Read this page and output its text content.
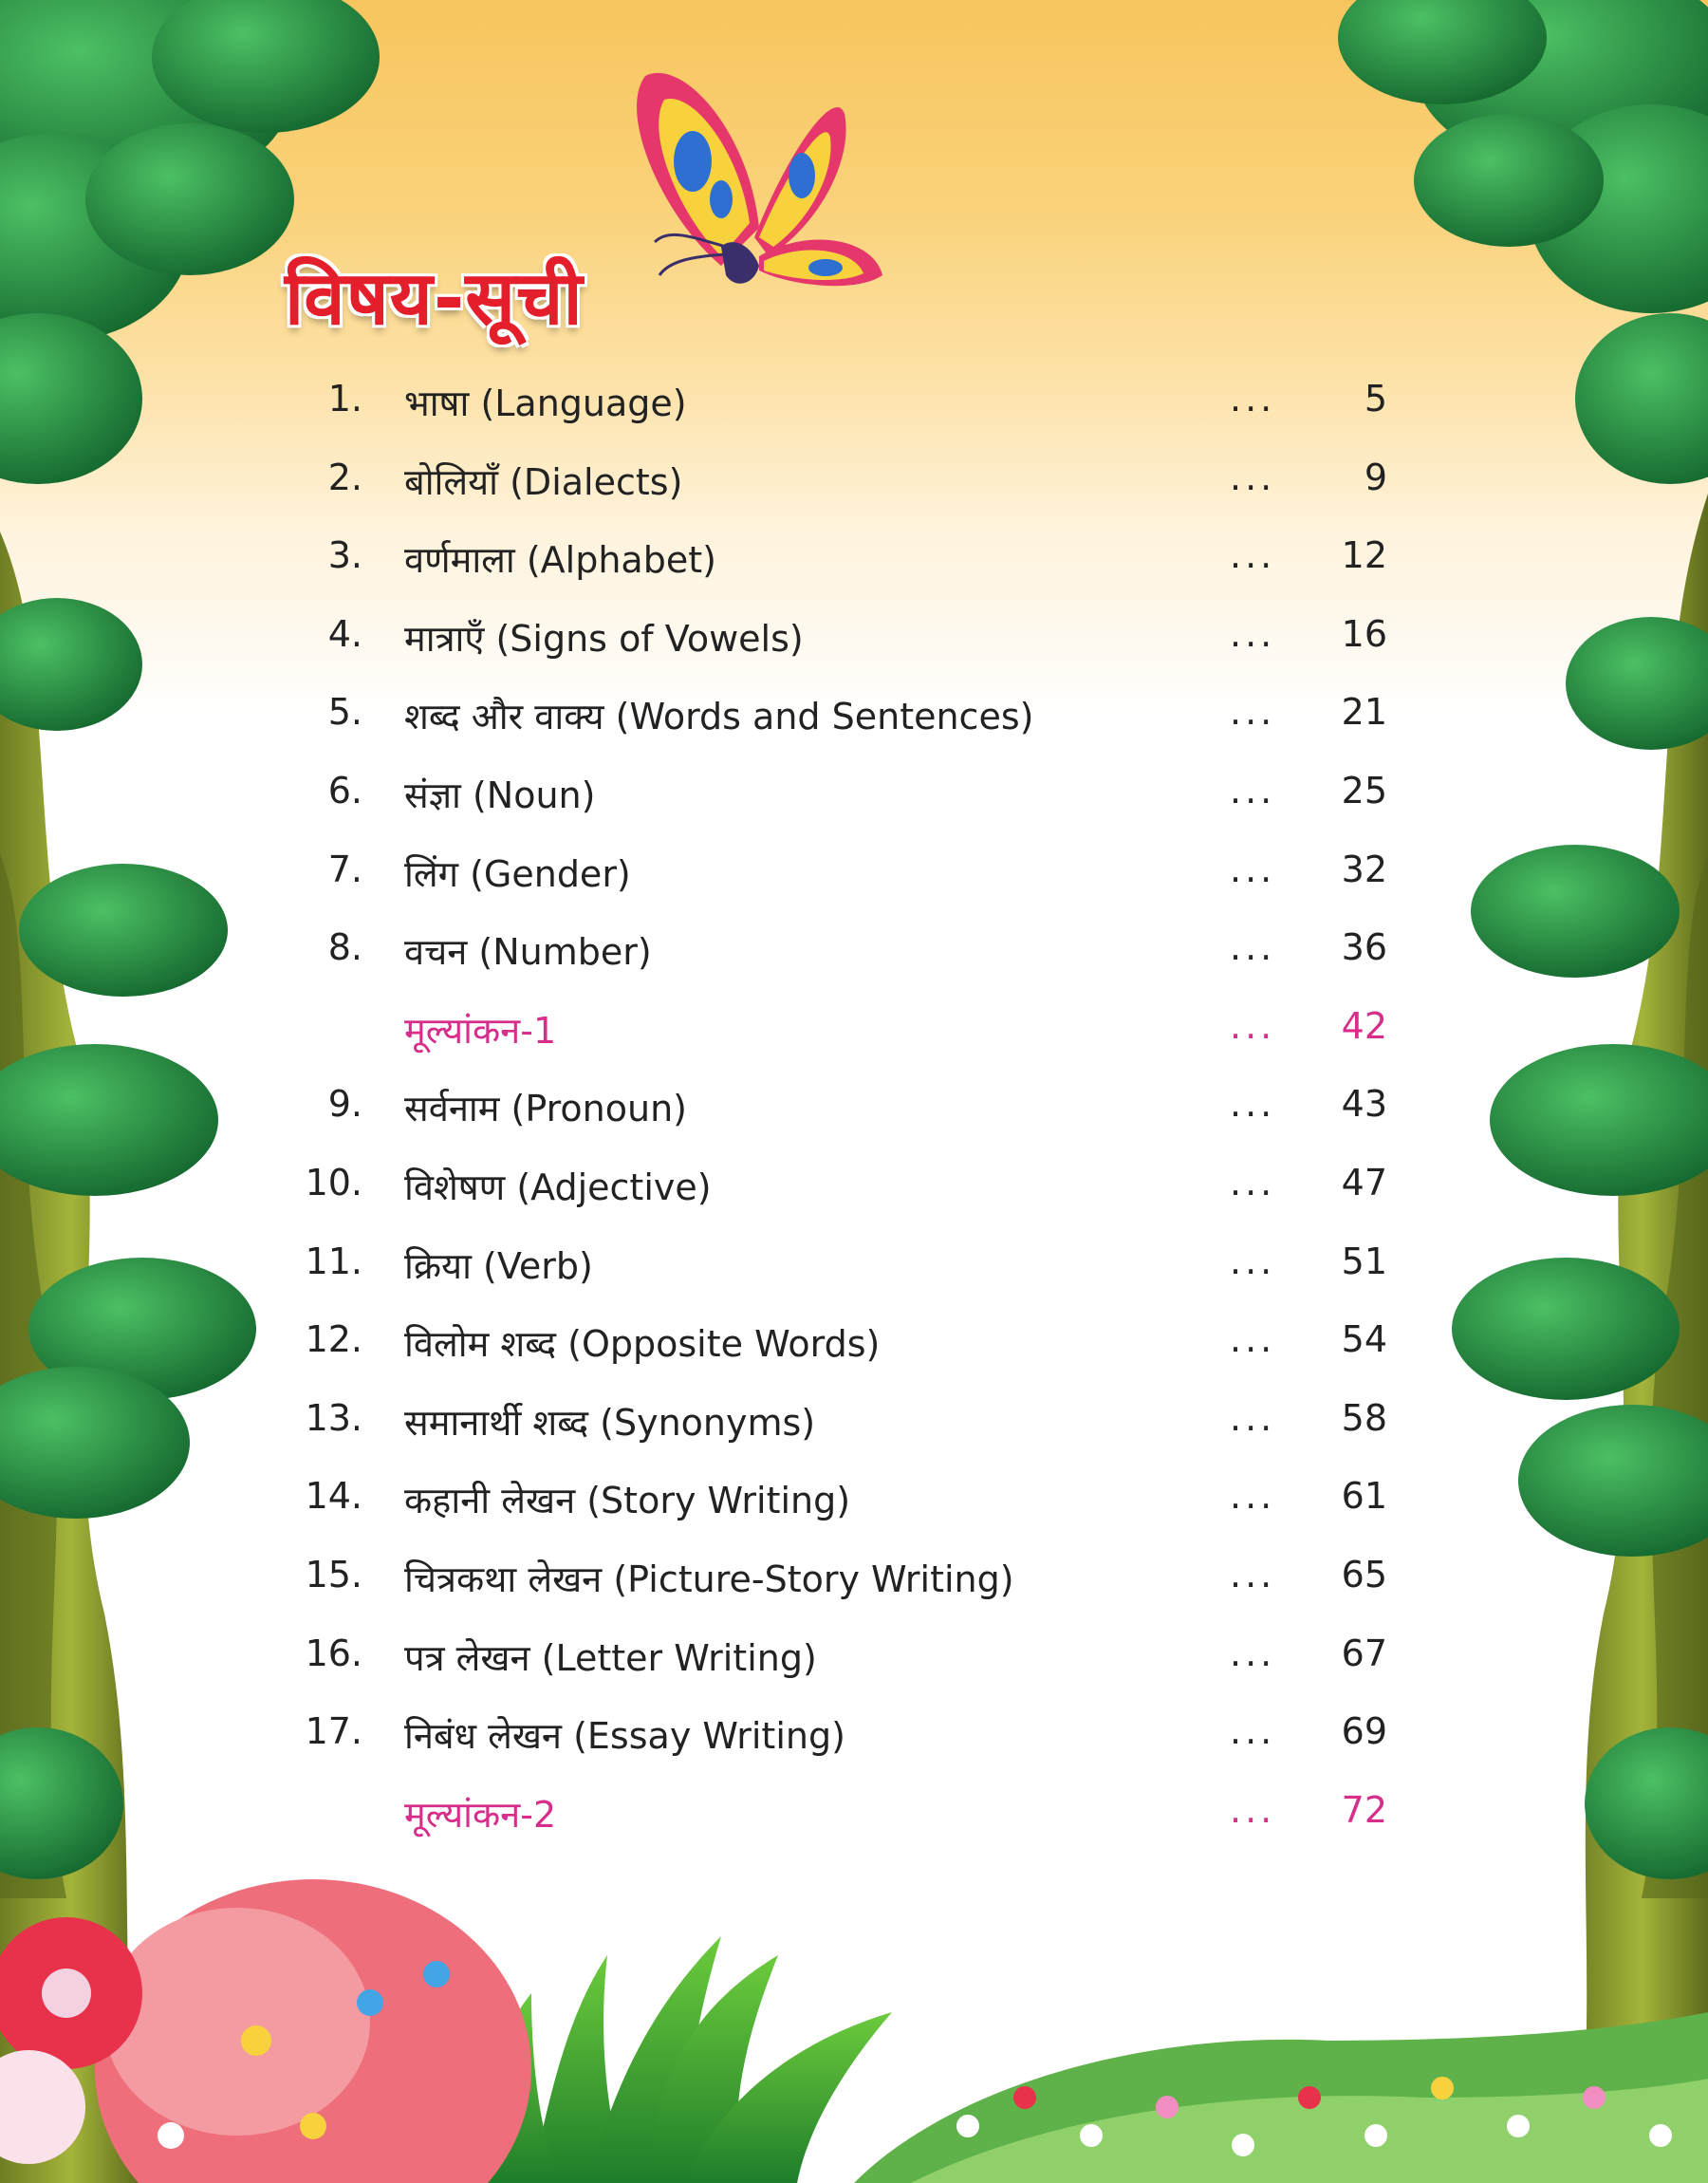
विषय-सूची
1. भाषा (Language)	... 5
2. बोलियाँ (Dialects)	... 9
3. वर्णमाला (Alphabet)	... 12
4. मात्राएँ (Signs of Vowels)	... 16
5. शब्द और वाक्य (Words and Sentences)	... 21
6. संज्ञा (Noun)	... 25
7. लिंग (Gender)	... 32
8. वचन (Number)	... 36
मूल्यांकन-1	... 42
9. सर्वनाम (Pronoun)	... 43
10. विशेषण (Adjective)	... 47
11. क्रिया (Verb)	... 51
12. विलोम शब्द (Opposite Words)	... 54
13. समानार्थी शब्द (Synonyms)	... 58
14. कहानी लेखन (Story Writing)	... 61
15. चित्रकथा लेखन (Picture-Story Writing)	... 65
16. पत्र लेखन (Letter Writing)	... 67
17. निबंध लेखन (Essay Writing)	... 69
मूल्यांकन-2	... 72
